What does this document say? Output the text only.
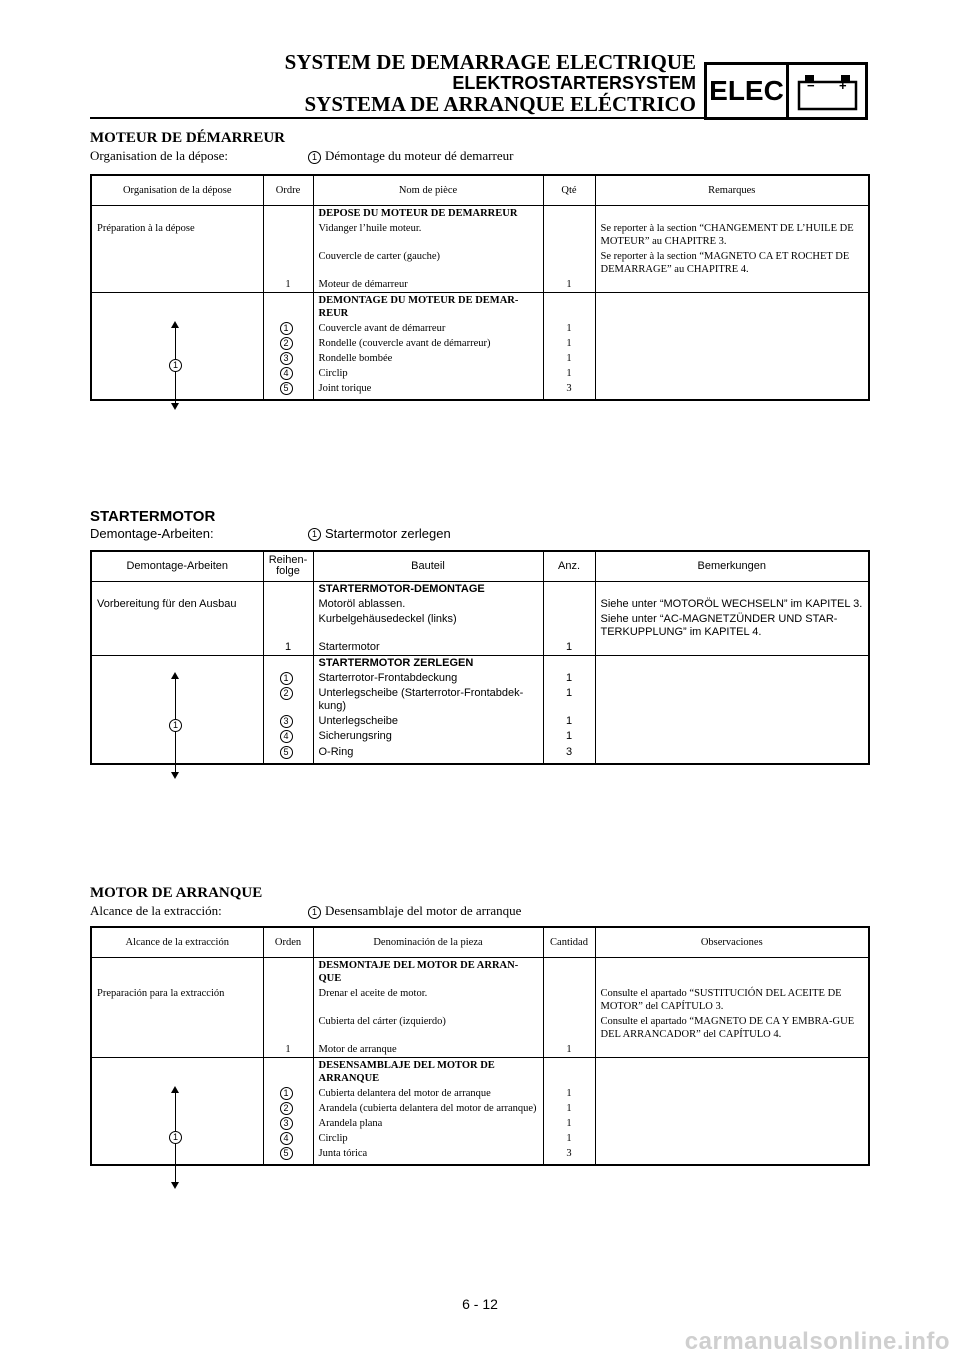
SYSTEM DE DEMARRAGE ELECTRIQUE
ELEKTROSTARTERSYSTEM
SYSTEMA DE ARRANQUE ELÉCTRICO ELEC	− +
MOTEUR DE DÉMARREUR
Organisation de la dépose:	1 Démontage du moteur dé demarreur
Organisation de la dépose	Ordre	Nom de pièce	Qté	Remarques
		DEPOSE DU MOTEUR DE DEMARREUR		
Préparation à la dépose		Vidanger l’huile moteur.		Se reporter à la section “CHANGEMENT DE L’HUILE DE MOTEUR” au CHAPITRE 3.
		Couvercle de carter (gauche)		Se reporter à la section “MAGNETO CA ET ROCHET DE DEMARRAGE” au CHAPITRE 4.
	1	Moteur de démarreur	1	

1		DEMONTAGE DU MOTEUR DE DEMAR-REUR		
	1	Couvercle avant de démarreur	1	
	2	Rondelle (couvercle avant de démarreur)	1	
	3	Rondelle bombée	1	
	4	Circlip	1	
	5	Joint torique	3	
STARTERMOTOR
Demontage-Arbeiten:	1 Startermotor zerlegen
Demontage-Arbeiten	Reihen-folge	Bauteil	Anz.	Bemerkungen
		STARTERMOTOR-DEMONTAGE		
Vorbereitung für den Ausbau		Motoröl ablassen.		Siehe unter “MOTORÖL WECHSELN” im KAPITEL 3.
		Kurbelgehäusedeckel (links)		Siehe unter “AC-MAGNETZÜNDER UND STAR-TERKUPPLUNG” im KAPITEL 4.
	1	Startermotor	1	

1		STARTERMOTOR ZERLEGEN		
	1	Starterrotor-Frontabdeckung	1	
	2	Unterlegscheibe (Starterrotor-Frontabdek-kung)	1	
	3	Unterlegscheibe	1	
	4	Sicherungsring	1	
	5	O-Ring	3	
MOTOR DE ARRANQUE
Alcance de la extracción:	1 Desensamblaje del motor de arranque
Alcance de la extracción	Orden	Denominación de la pieza	Cantidad	Observaciones
		DESMONTAJE DEL MOTOR DE ARRAN-QUE		
Preparación para la extracción		Drenar el aceite de motor.		Consulte el apartado “SUSTITUCIÓN DEL ACEITE DE MOTOR” del CAPÍTULO 3.
		Cubierta del cárter (izquierdo)		Consulte el apartado “MAGNETO DE CA Y EMBRA-GUE DEL ARRANCADOR” del CAPÍTULO 4.
	1	Motor de arranque	1	

1		DESENSAMBLAJE DEL MOTOR DE ARRANQUE		
	1	Cubierta delantera del motor de arranque	1	
	2	Arandela (cubierta delantera del motor de arranque)	1	
	3	Arandela plana	1	
	4	Circlip	1	
	5	Junta tórica	3	
6 - 12
carmanualsonline.info
